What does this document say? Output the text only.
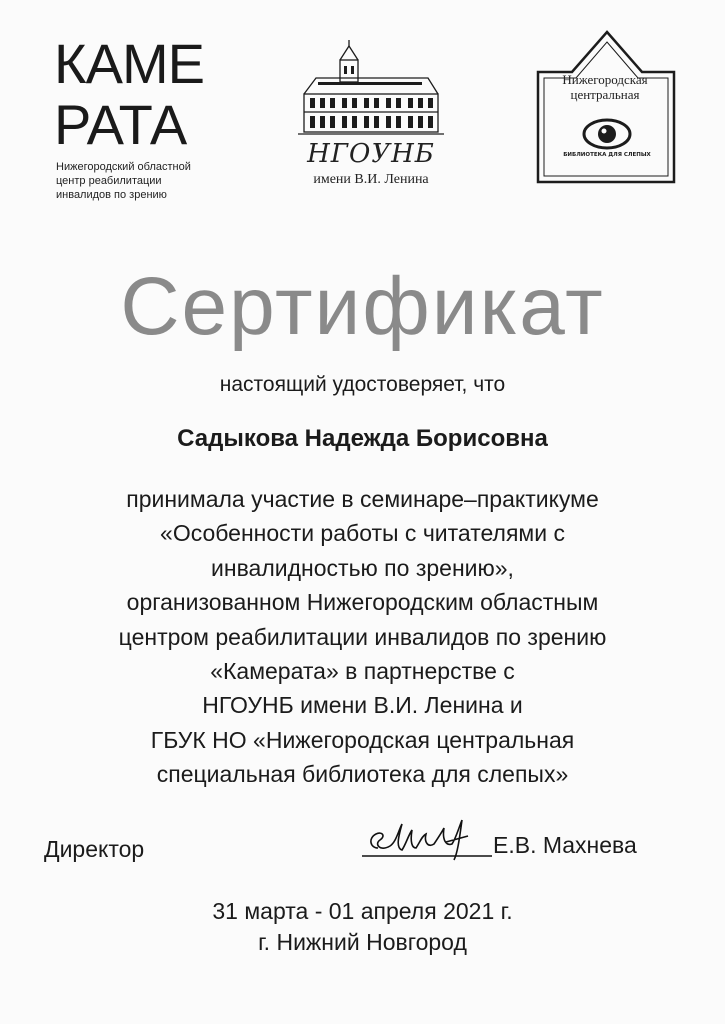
КАМЕ
РАТА
Нижегородский областной
центр реабилитации
инвалидов по зрению
НГОУНБ
имени В.И. Ленина
БИБЛИОТЕКА ДЛЯ СЛЕПЫХ
Нижегородская
центральная
Сертификат
настоящий удостоверяет, что
Садыкова Надежда Борисовна
принимала участие в семинаре–практикуме
«Особенности работы с читателями с
инвалидностью по зрению»,
организованном Нижегородским областным
центром реабилитации инвалидов по зрению
«Камерата» в партнерстве с
НГОУНБ имени В.И. Ленина и
ГБУК НО «Нижегородская центральная
специальная библиотека для слепых»
Директор	Е.В. Махнева
31 марта - 01 апреля 2021 г.
г. Нижний Новгород
